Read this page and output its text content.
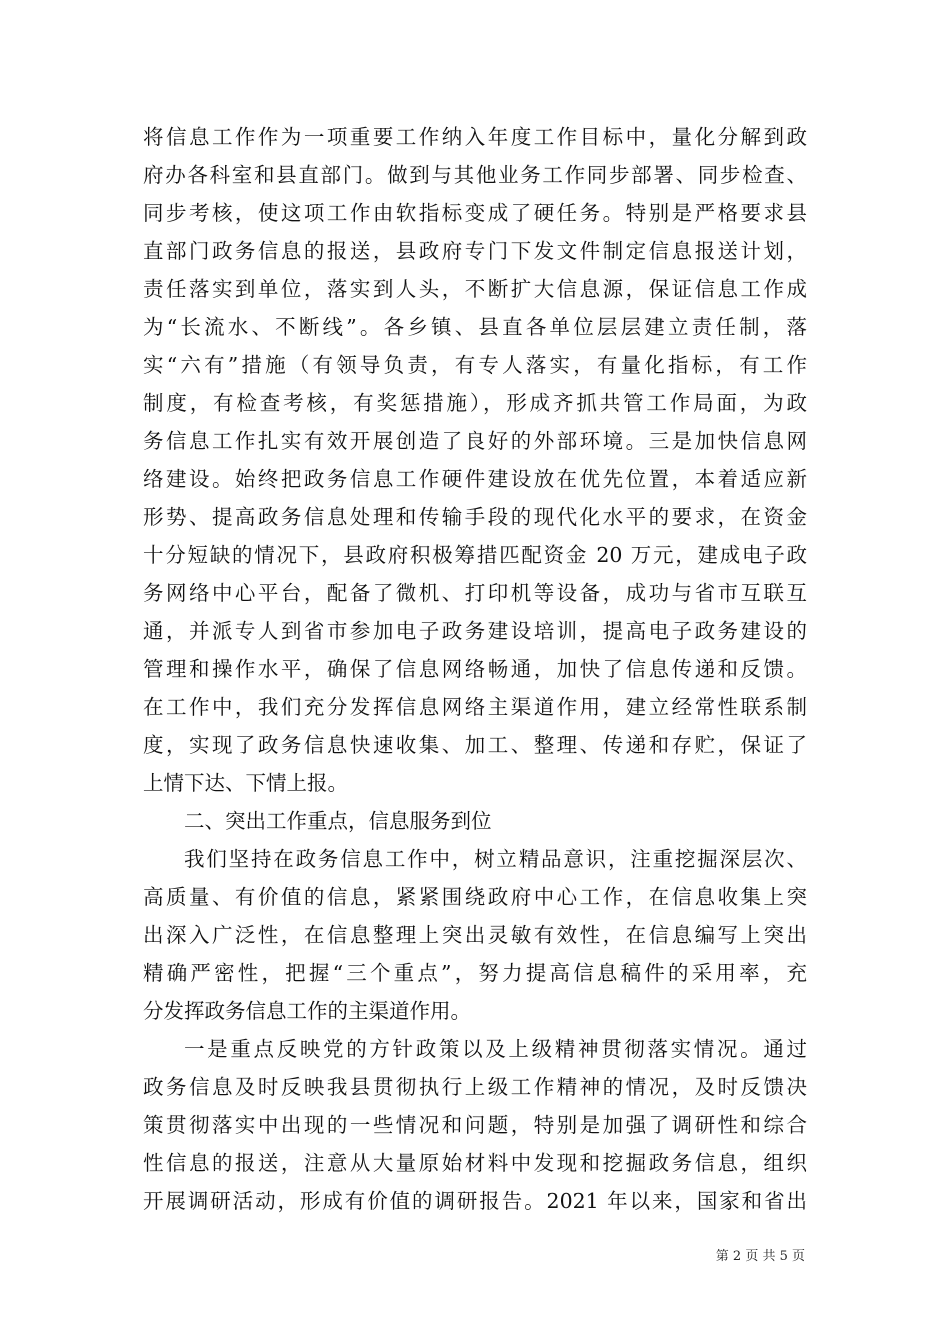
将信息工作作为一项重要工作纳入年度工作目标中，量化分解到政
府办各科室和县直部门。做到与其他业务工作同步部署、同步检查、
同步考核，使这项工作由软指标变成了硬任务。特别是严格要求县
直部门政务信息的报送，县政府专门下发文件制定信息报送计划，
责任落实到单位，落实到人头，不断扩大信息源，保证信息工作成
为“长流水、不断线”。各乡镇、县直各单位层层建立责任制，落
实“六有”措施（有领导负责，有专人落实，有量化指标，有工作
制度，有检查考核，有奖惩措施），形成齐抓共管工作局面，为政
务信息工作扎实有效开展创造了良好的外部环境。三是加快信息网
络建设。始终把政务信息工作硬件建设放在优先位置，本着适应新
形势、提高政务信息处理和传输手段的现代化水平的要求，在资金
十分短缺的情况下，县政府积极筹措匹配资金 20 万元，建成电子政
务网络中心平台，配备了微机、打印机等设备，成功与省市互联互
通，并派专人到省市参加电子政务建设培训，提高电子政务建设的
管理和操作水平，确保了信息网络畅通，加快了信息传递和反馈。
在工作中，我们充分发挥信息网络主渠道作用，建立经常性联系制
度，实现了政务信息快速收集、加工、整理、传递和存贮，保证了
上情下达、下情上报。
二、突出工作重点，信息服务到位
我们坚持在政务信息工作中，树立精品意识，注重挖掘深层次、
高质量、有价值的信息，紧紧围绕政府中心工作，在信息收集上突
出深入广泛性，在信息整理上突出灵敏有效性，在信息编写上突出
精确严密性，把握“三个重点”，努力提高信息稿件的采用率，充
分发挥政务信息工作的主渠道作用。
一是重点反映党的方针政策以及上级精神贯彻落实情况。通过
政务信息及时反映我县贯彻执行上级工作精神的情况，及时反馈决
策贯彻落实中出现的一些情况和问题，特别是加强了调研性和综合
性信息的报送，注意从大量原始材料中发现和挖掘政务信息，组织
开展调研活动，形成有价值的调研报告。2021 年以来，国家和省出
第 2 页 共 5 页
